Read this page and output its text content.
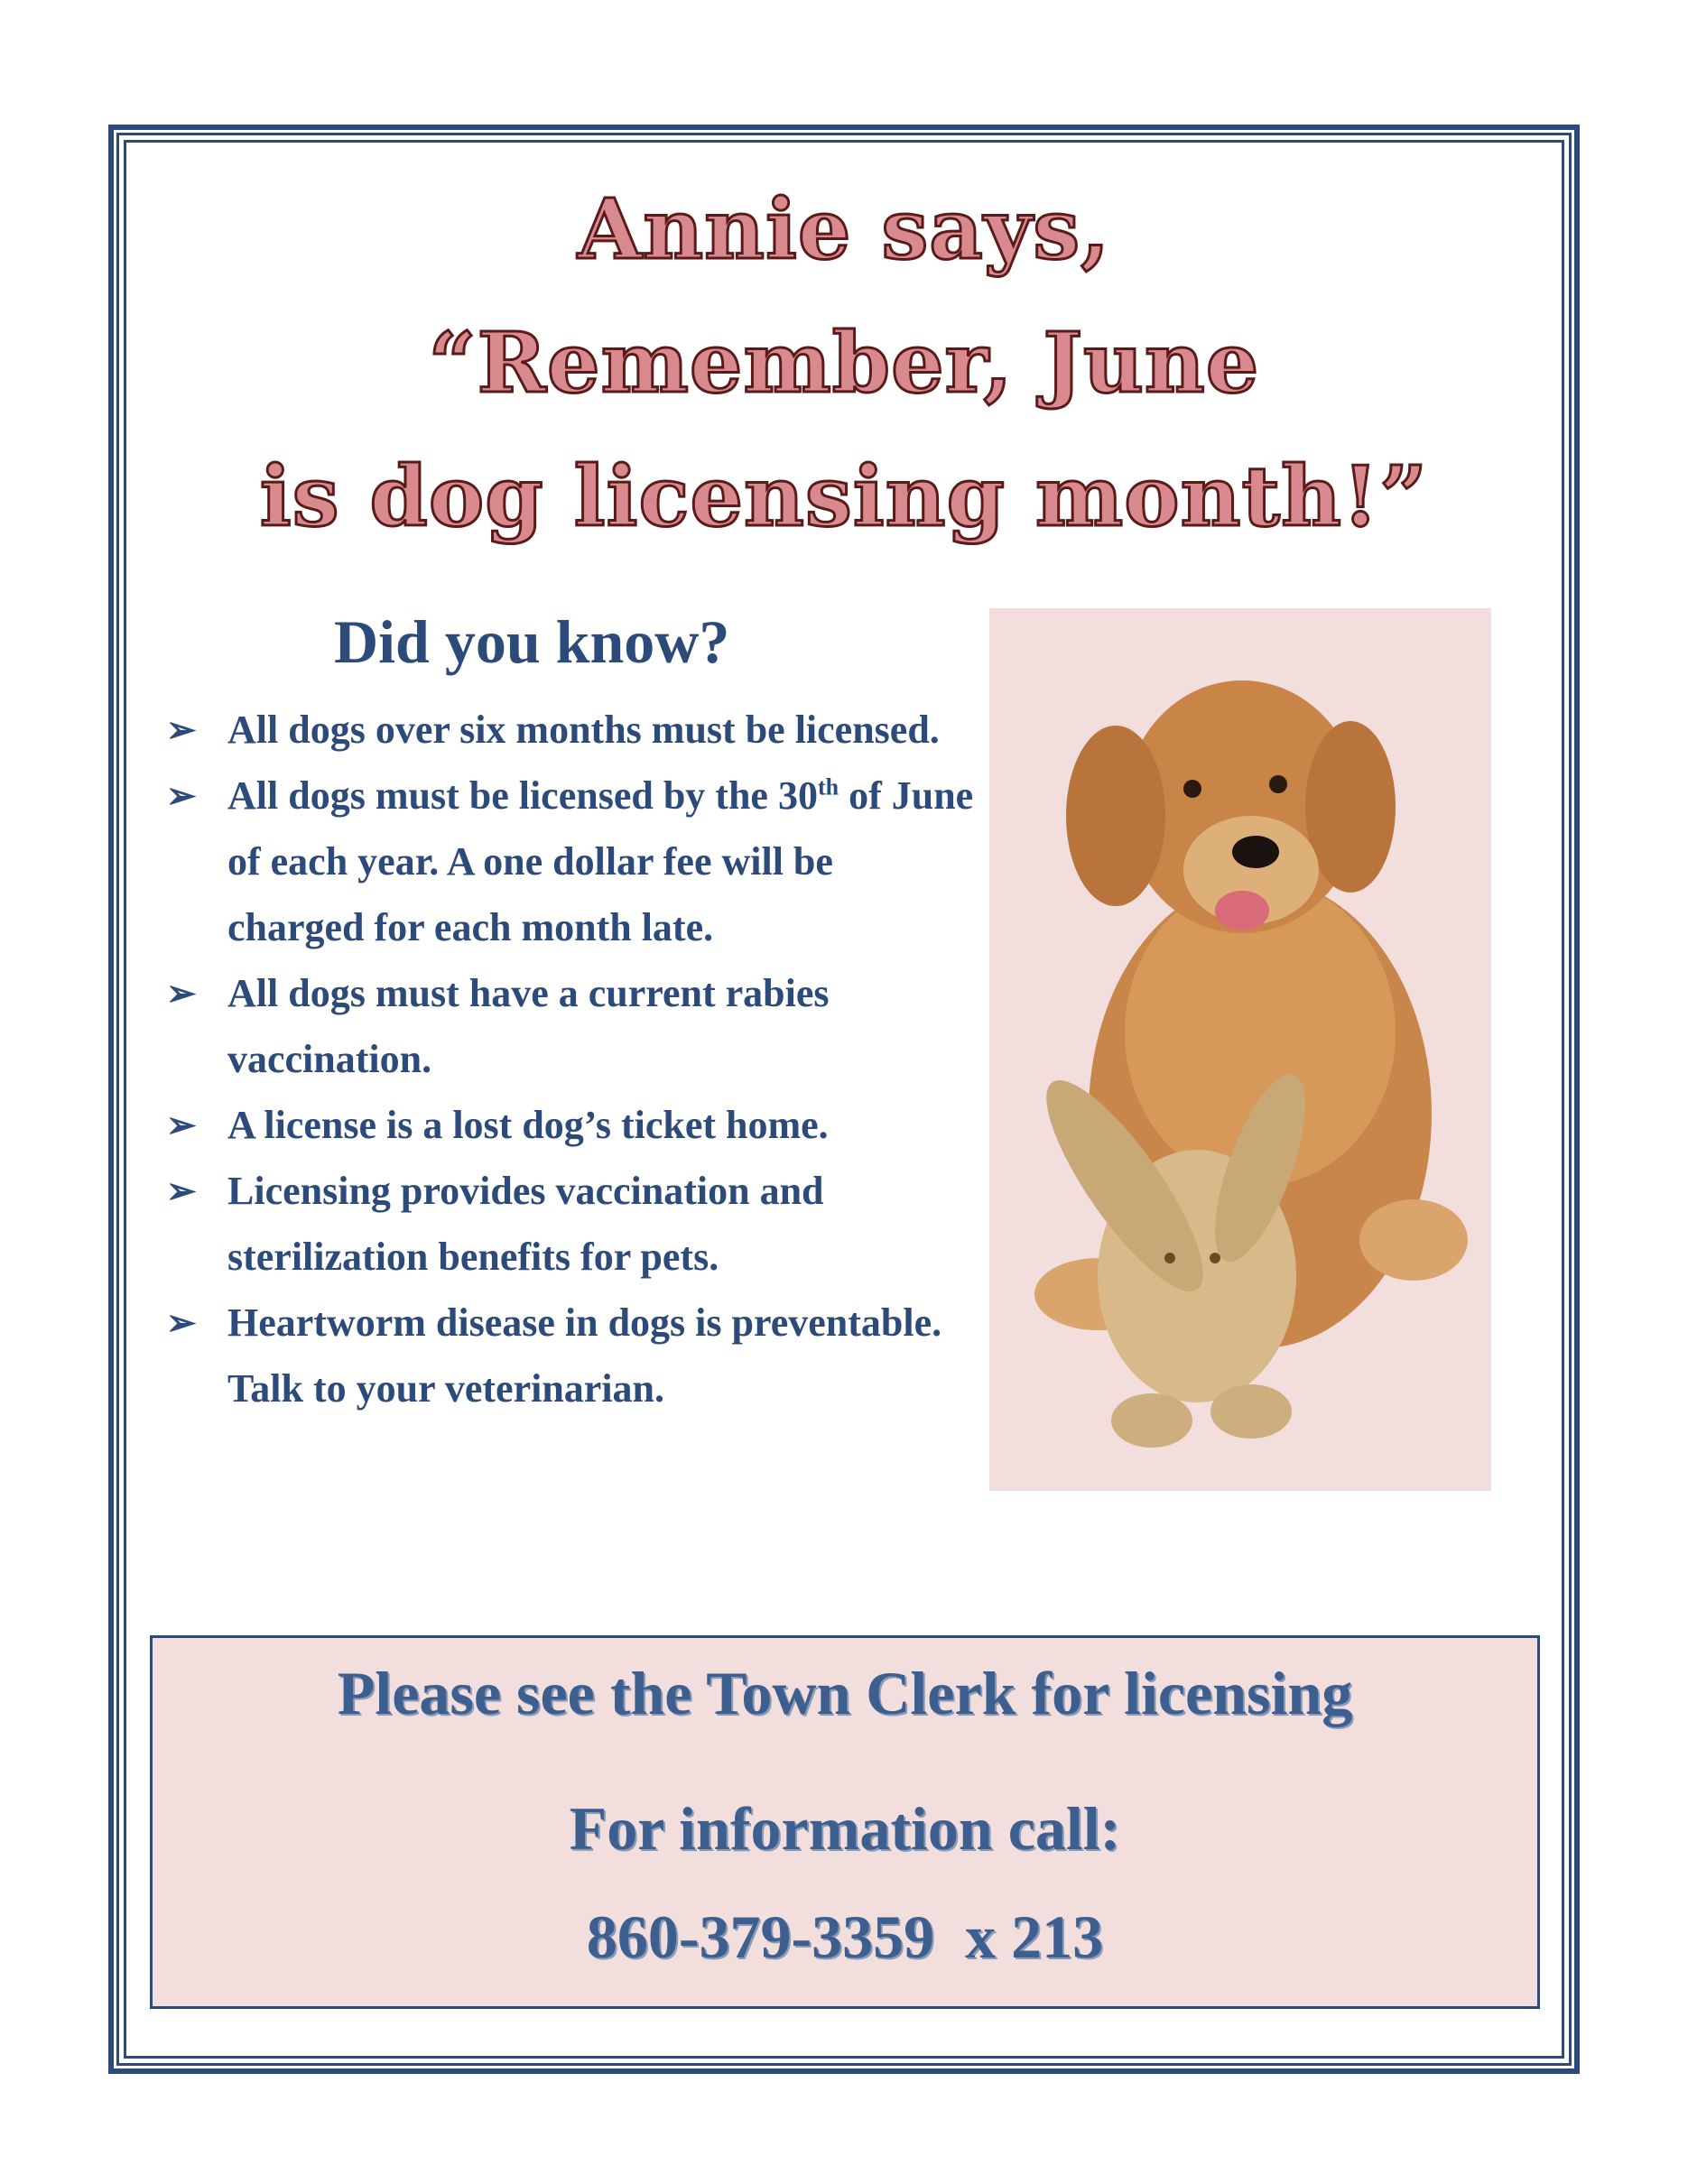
Annie says,
“Remember, June
is dog licensing month!”
Did you know?
➢ All dogs over six months must be licensed.
➢ All dogs must be licensed by the 30th of June of each year. A one dollar fee will be charged for each month late.
➢ All dogs must have a current rabies vaccination.
➢ A license is a lost dog’s ticket home.
➢ Licensing provides vaccination and sterilization benefits for pets.
➢ Heartworm disease in dogs is preventable. Talk to your veterinarian.
Please see the Town Clerk for licensing
For information call:
860-379-3359  x 213
